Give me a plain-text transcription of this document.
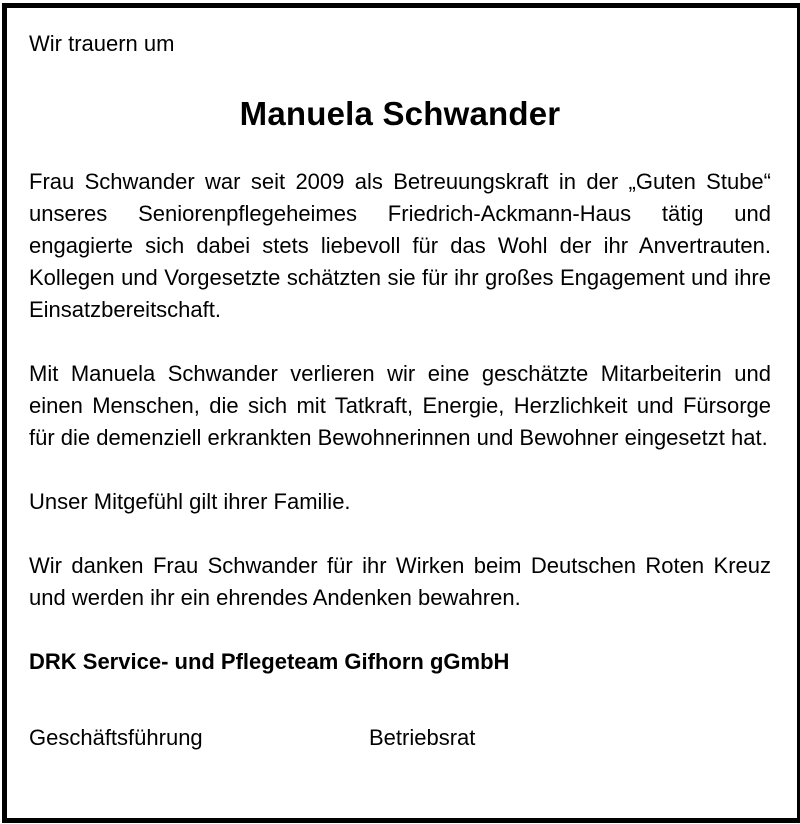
Wir trauern um

Manuela Schwander

Frau Schwander war seit 2009 als Betreuungskraft in der „Guten Stube“ unseres Seniorenpflegeheimes Friedrich-Ackmann-Haus tätig und engagierte sich dabei stets liebevoll für das Wohl der ihr Anvertrauten. Kollegen und Vorgesetzte schätzten sie für ihr großes Engagement und ihre Einsatzbereitschaft.

Mit Manuela Schwander verlieren wir eine geschätzte Mitarbeiterin und einen Menschen, die sich mit Tatkraft, Energie, Herzlichkeit und Fürsorge für die demenziell erkrankten Bewohnerinnen und Bewohner eingesetzt hat.

Unser Mitgefühl gilt ihrer Familie.

Wir danken Frau Schwander für ihr Wirken beim Deutschen Roten Kreuz und werden ihr ein ehrendes Andenken bewahren.

DRK Service- und Pflegeteam Gifhorn gGmbH

Geschäftsführung	Betriebsrat
